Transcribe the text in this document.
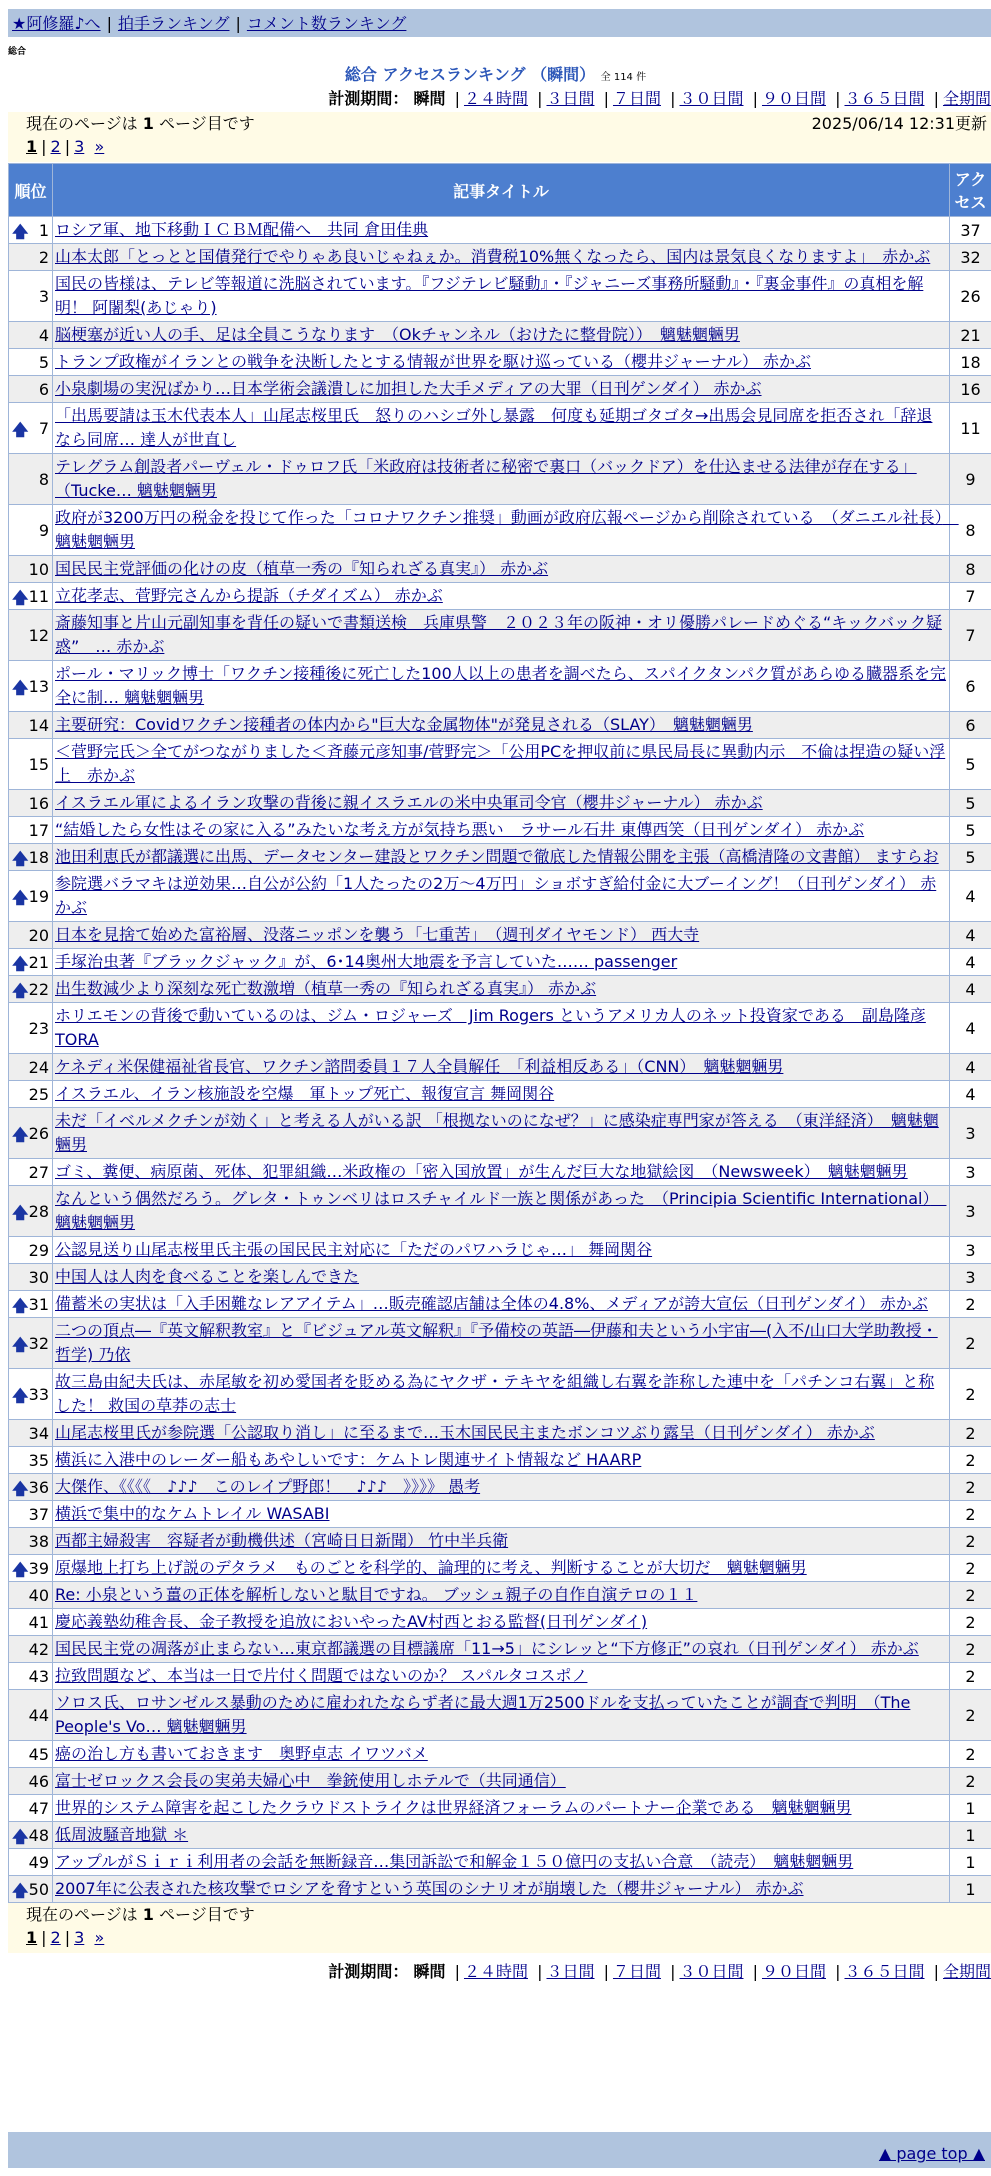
★阿修羅♪へ | 拍手ランキング | コメント数ランキング
総合
総合 アクセスランキング （瞬間） 全 114 件
計測期間： 瞬間 | ２４時間 | ３日間 | ７日間 | ３０日間 | ９０日間 | ３６５日間 | 全期間
現在のページは 1 ページ目です	2025/06/14 12:31更新
1 | 2 | 3 »
順位	記事タイトル	アクセス

🡅 1	ロシア軍、地下移動ＩＣＢＭ配備へ　共同 倉田佳典	37
2	山本太郎「とっとと国債発行でやりゃあ良いじゃねぇか。消費税10%無くなったら、国内は景気良くなりますよ」　赤かぶ	32
3	国民の皆様は、テレビ等報道に洗脳されています。『フジテレビ騒動』・『ジャニーズ事務所騒動』・『裏金事件』の真相を解明！ 阿闍梨(あじゃり)	26
4	脳梗塞が近い人の手、足は全員こうなります　（Okチャンネル（おけたに整骨院））　魑魅魍魎男	21
5	トランプ政権がイランとの戦争を決断したとする情報が世界を駆け巡っている（櫻井ジャーナル） 赤かぶ	18
6	小泉劇場の実況ばかり…日本学術会議潰しに加担した大手メディアの大罪（日刊ゲンダイ） 赤かぶ	16

🡅 7	「出馬要請は玉木代表本人」山尾志桜里氏　怒りのハシゴ外し暴露　何度も延期ゴタゴタ→出馬会見同席を拒否され「辞退なら同席… 達人が世直し	11
8	テレグラム創設者パーヴェル・ドゥロフ氏「米政府は技術者に秘密で裏口（バックドア）を仕込ませる法律が存在する」（Tucke… 魑魅魍魎男	9
9	政府が3200万円の税金を投じて作った「コロナワクチン推奨」動画が政府広報ページから削除されている　（ダニエル社長）　魑魅魍魎男	8
10	国民民主党評価の化けの皮（植草一秀の『知られざる真実』） 赤かぶ	8

🡅 11	立花孝志、菅野完さんから提訴（チダイズム） 赤かぶ	7
12	斎藤知事と片山元副知事を背任の疑いで書類送検　兵庫県警　２０２３年の阪神・オリ優勝パレードめぐる“キックバック疑惑”　… 赤かぶ	7

🡅 13	ポール・マリック博士「ワクチン接種後に死亡した100人以上の患者を調べたら、スパイクタンパク質があらゆる臓器系を完全に制… 魑魅魍魎男	6
14	主要研究：Covidワクチン接種者の体内から"巨大な金属物体"が発見される（SLAY）　魑魅魍魎男	6
15	＜菅野完氏＞全てがつながりました＜斉藤元彦知事/菅野完＞「公用PCを押収前に県民局長に異動内示　不倫は捏造の疑い浮上　赤かぶ	5
16	イスラエル軍によるイラン攻撃の背後に親イスラエルの米中央軍司令官（櫻井ジャーナル） 赤かぶ	5
17	“結婚したら女性はその家に入る”みたいな考え方が気持ち悪い　ラサール石井 東傳西笑（日刊ゲンダイ） 赤かぶ	5

🡅 18	池田利恵氏が都議選に出馬、データセンター建設とワクチン問題で徹底した情報公開を主張（高橋清隆の文書館） ますらお	5

🡅 19	参院選バラマキは逆効果…自公が公約「1人たったの2万～4万円」ショボすぎ給付金に大ブーイング！（日刊ゲンダイ） 赤かぶ	4
20	日本を見捨て始めた富裕層、没落ニッポンを襲う「七重苦」　（週刊ダイヤモンド） 西大寺	4

🡅 21	手塚治虫著『ブラックジャック』が、6･14奥州大地震を予言していた…… passenger	4

🡅 22	出生数減少より深刻な死亡数激増（植草一秀の『知られざる真実』） 赤かぶ	4
23	ホリエモンの背後で動いているのは、ジム・ロジャーズ　Jim Rogers というアメリカ人のネット投資家である　副島隆彦 TORA	4
24	ケネディ米保健福祉省長官、ワクチン諮問委員１７人全員解任　「利益相反ある」（CNN）　魑魅魍魎男	4
25	イスラエル、イラン核施設を空爆　軍トップ死亡、報復宣言 舞岡関谷	4

🡅 26	未だ「イベルメクチンが効く」と考える人がいる訳 「根拠ないのになぜ？」に感染症専門家が答える　（東洋経済）　魑魅魍魎男	3
27	ゴミ、糞便、病原菌、死体、犯罪組織…米政権の「密入国放置」が生んだ巨大な地獄絵図　（Newsweek）　魑魅魍魎男	3

🡅 28	なんという偶然だろう。グレタ・トゥンベリはロスチャイルド一族と関係があった　（Principia Scientific International）　魑魅魍魎男	3
29	公認見送り山尾志桜里氏主張の国民民主対応に「ただのパワハラじゃ…」 舞岡関谷	3
30	中国人は人肉を食べることを楽しんできた	3

🡅 31	備蓄米の実状は「入手困難なレアアイテム」…販売確認店舗は全体の4.8%、メディアが誇大宣伝（日刊ゲンダイ） 赤かぶ	2

🡅 32	二つの頂点―『英文解釈教室』と『ビジュアル英文解釈』『予備校の英語―伊藤和夫という小宇宙―(入不/山口大学助教授・哲学) 乃依	2

🡅 33	故三島由紀夫氏は、赤尾敏を初め愛国者を貶める為にヤクザ・テキヤを組織し右翼を詐称した連中を「パチンコ右翼」と称した！ 救国の草莽の志士	2
34	山尾志桜里氏が参院選「公認取り消し」に至るまで…玉木国民民主またボンコツぶり露呈（日刊ゲンダイ） 赤かぶ	2
35	横浜に入港中のレーダー船もあやしいです：ケムトレ関連サイト情報など HAARP	2

🡅 36	大傑作、《《《《　♪♪♪　このレイプ野郎！　♪♪♪　》》》》 愚考	2
37	横浜で集中的なケムトレイル WASABI	2
38	西都主婦殺害　容疑者が動機供述（宮崎日日新聞） 竹中半兵衛	2

🡅 39	原爆地上打ち上げ説のデタラメ　ものごとを科学的、論理的に考え、判断することが大切だ　魑魅魍魎男	2
40	Re: 小泉という薑の正体を解析しないと駄目ですね。 ブッシュ親子の自作自演テロの１１	2
41	慶応義塾幼稚舎長、金子教授を追放においやったAV村西とおる監督(日刊ゲンダイ)	2
42	国民民主党の凋落が止まらない…東京都議選の目標議席「11→5」にシレッと“下方修正”の哀れ（日刊ゲンダイ） 赤かぶ	2
43	拉致問題など、本当は一日で片付く問題ではないのか？ スパルタコスポノ	2
44	ソロス氏、ロサンゼルス暴動のために雇われたならず者に最大週1万2500ドルを支払っていたことが調査で判明　（The People's Vo… 魑魅魍魎男	2
45	癌の治し方も書いておきます　奥野卓志 イワツバメ	2
46	富士ゼロックス会長の実弟夫婦心中　拳銃使用しホテルで（共同通信）	2
47	世界的システム障害を起こしたクラウドストライクは世界経済フォーラムのパートナー企業である　魑魅魍魎男	1

🡅 48	低周波騒音地獄 ＊	1
49	アップルがＳｉｒｉ利用者の会話を無断録音…集団訴訟で和解金１５０億円の支払い合意　（読売）　魑魅魍魎男	1

🡅 50	2007年に公表された核攻撃でロシアを脅すという英国のシナリオが崩壊した（櫻井ジャーナル） 赤かぶ	1
現在のページは 1 ページ目です
1 | 2 | 3 »
計測期間： 瞬間 | ２４時間 | ３日間 | ７日間 | ３０日間 | ９０日間 | ３６５日間 | 全期間
▲ page top ▲
